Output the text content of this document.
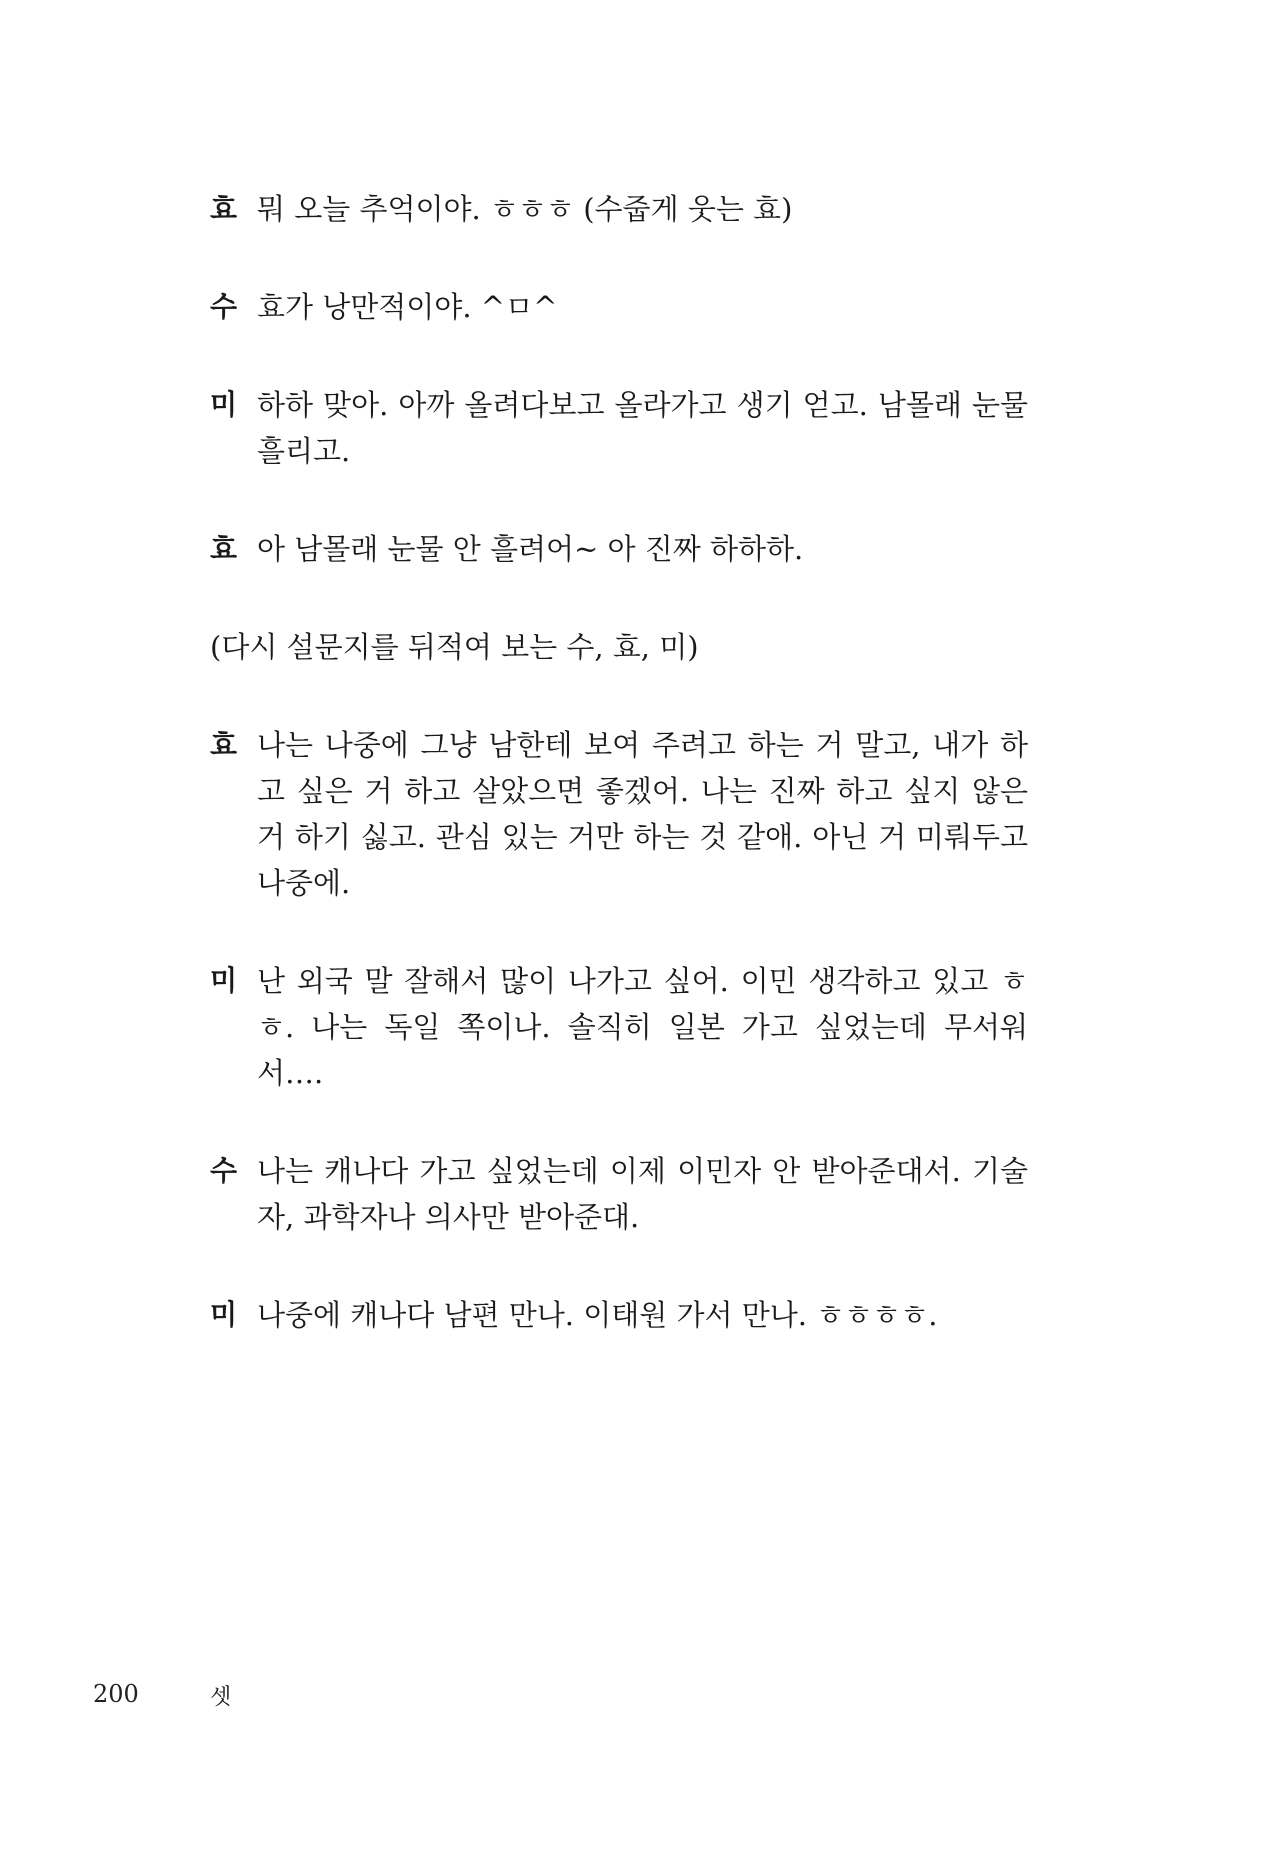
효 뭐 오늘 추억이야. ㅎㅎㅎ (수줍게 웃는 효)
수 효가 낭만적이야. ^ㅁ^
미 하하 맞아. 아까 올려다보고 올라가고 생기 얻고. 남몰래 눈물 흘리고.
효 아 남몰래 눈물 안 흘려어~ 아 진짜 하하하.
(다시 설문지를 뒤적여 보는 수, 효, 미)
효 나는 나중에 그냥 남한테 보여 주려고 하는 거 말고, 내가 하고 싶은 거 하고 살았으면 좋겠어. 나는 진짜 하고 싶지 않은 거 하기 싫고. 관심 있는 거만 하는 것 같애. 아닌 거 미뤄두고 나중에.
미 난 외국 말 잘해서 많이 나가고 싶어. 이민 생각하고 있고 ㅎㅎ. 나는 독일 쪽이나. 솔직히 일본 가고 싶었는데 무서워서….
수 나는 캐나다 가고 싶었는데 이제 이민자 안 받아준대서. 기술자, 과학자나 의사만 받아준대.
미 나중에 캐나다 남편 만나. 이태원 가서 만나. ㅎㅎㅎㅎ.
200	셋
